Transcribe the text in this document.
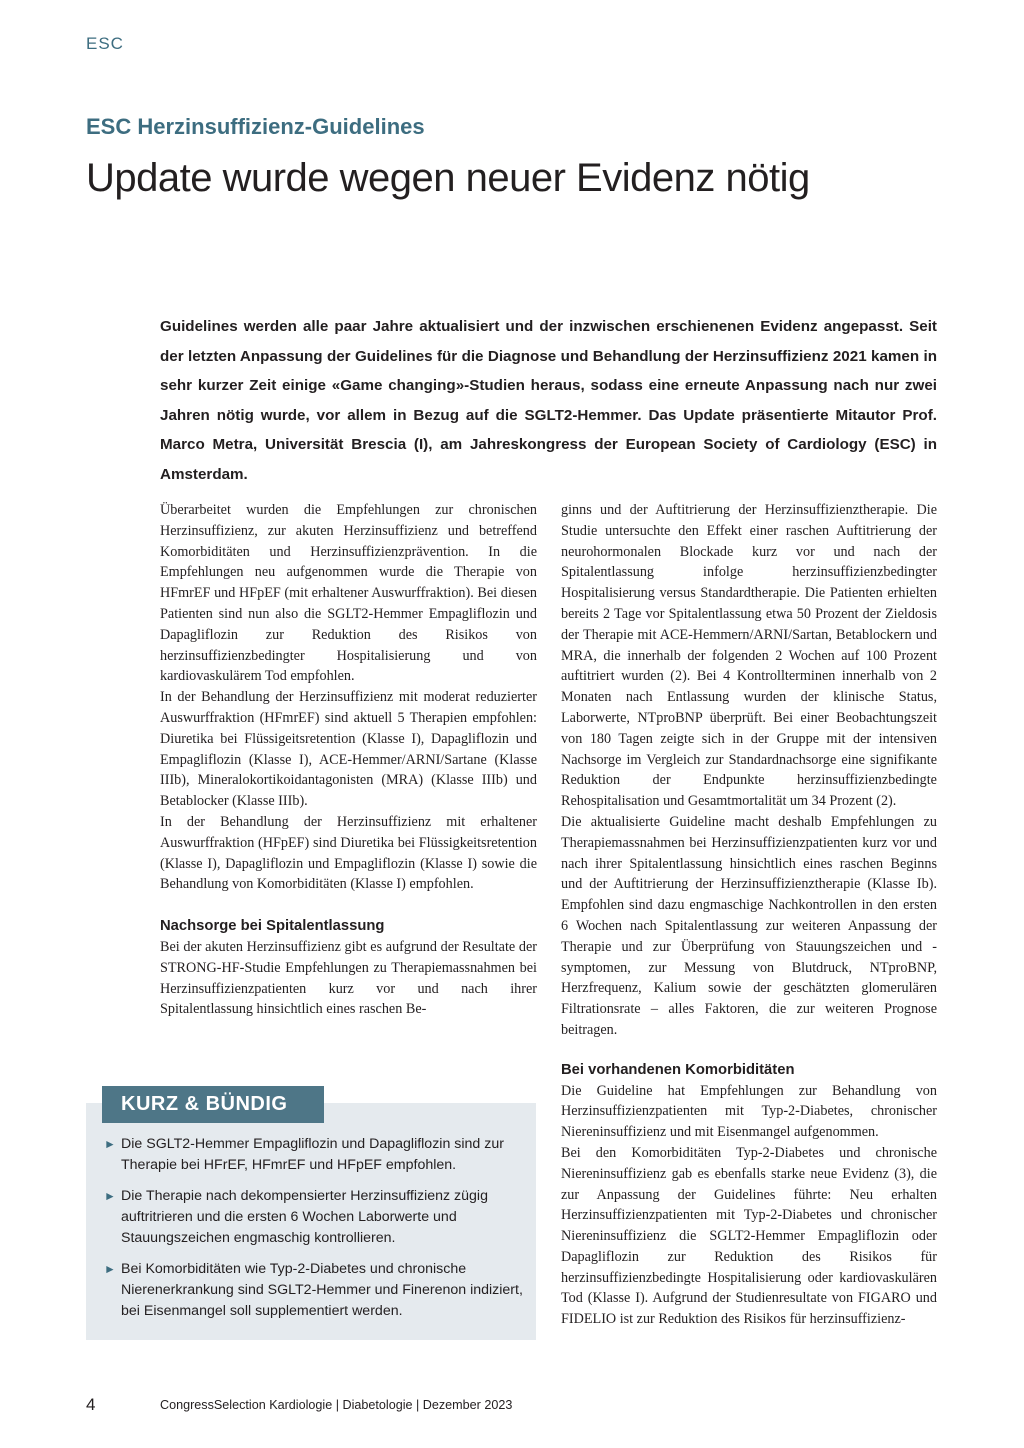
ESC
ESC Herzinsuffizienz-Guidelines
Update wurde wegen neuer Evidenz nötig
Guidelines werden alle paar Jahre aktualisiert und der inzwischen erschienenen Evidenz angepasst. Seit der letzten Anpassung der Guidelines für die Diagnose und Behandlung der Herzinsuffizienz 2021 kamen in sehr kurzer Zeit einige «Game changing»-Studien heraus, sodass eine erneute Anpassung nach nur zwei Jahren nötig wurde, vor allem in Bezug auf die SGLT2-Hemmer. Das Update präsentierte Mitautor Prof. Marco Metra, Universität Brescia (I), am Jahreskongress der European Society of Cardiology (ESC) in Amsterdam.

Überarbeitet wurden die Empfehlungen zur chronischen Herzinsuffizienz, zur akuten Herzinsuffizienz und betreffend Komorbiditäten und Herzinsuffizienzprävention. In die Empfehlungen neu aufgenommen wurde die Therapie von HFmrEF und HFpEF (mit erhaltener Auswurffraktion). Bei diesen Patienten sind nun also die SGLT2-Hemmer Empagliflozin und Dapagliflozin zur Reduktion des Risikos von herzinsuffizienzbedingter Hospitalisierung und von kardiovaskulärem Tod empfohlen.

In der Behandlung der Herzinsuffizienz mit moderat reduzierter Auswurffraktion (HFmrEF) sind aktuell 5 Therapien empfohlen: Diuretika bei Flüssigeitsretention (Klasse I), Dapagliflozin und Empagliflozin (Klasse I), ACE-Hemmer/ARNI/Sartane (Klasse IIIb), Mineralokortikoidantagonisten (MRA) (Klasse IIIb) und Betablocker (Klasse IIIb).

In der Behandlung der Herzinsuffizienz mit erhaltener Auswurffraktion (HFpEF) sind Diuretika bei Flüssigkeitsretention (Klasse I), Dapagliflozin und Empagliflozin (Klasse I) sowie die Behandlung von Komorbiditäten (Klasse I) empfohlen.

Nachsorge bei Spitalentlassung

Bei der akuten Herzinsuffizienz gibt es aufgrund der Resultate der STRONG-HF-Studie Empfehlungen zu Therapiemassnahmen bei Herzinsuffizienzpatienten kurz vor und nach ihrer Spitalentlassung hinsichtlich eines raschen Be-

ginns und der Auftitrierung der Herzinsuffizienztherapie. Die Studie untersuchte den Effekt einer raschen Auftitrierung der neurohormonalen Blockade kurz vor und nach der Spitalentlassung infolge herzinsuffizienzbedingter Hospitalisierung versus Standardtherapie. Die Patienten erhielten bereits 2 Tage vor Spitalentlassung etwa 50 Prozent der Zieldosis der Therapie mit ACE-Hemmern/ARNI/Sartan, Betablockern und MRA, die innerhalb der folgenden 2 Wochen auf 100 Prozent auftitriert wurden (2). Bei 4 Kontrollterminen innerhalb von 2 Monaten nach Entlassung wurden der klinische Status, Laborwerte, NTproBNP überprüft. Bei einer Beobachtungszeit von 180 Tagen zeigte sich in der Gruppe mit der intensiven Nachsorge im Vergleich zur Standardnachsorge eine signifikante Reduktion der Endpunkte herzinsuffizienzbedingte Rehospitalisation und Gesamtmortalität um 34 Prozent (2).

Die aktualisierte Guideline macht deshalb Empfehlungen zu Therapiemassnahmen bei Herzinsuffizienzpatienten kurz vor und nach ihrer Spitalentlassung hinsichtlich eines raschen Beginns und der Auftitrierung der Herzinsuffizienztherapie (Klasse Ib). Empfohlen sind dazu engmaschige Nachkontrollen in den ersten 6 Wochen nach Spitalentlassung zur weiteren Anpassung der Therapie und zur Überprüfung von Stauungszeichen und -symptomen, zur Messung von Blutdruck, NTproBNP, Herzfrequenz, Kalium sowie der geschätzten glomerulären Filtrationsrate – alles Faktoren, die zur weiteren Prognose beitragen.

Bei vorhandenen Komorbiditäten

Die Guideline hat Empfehlungen zur Behandlung von Herzinsuffizienzpatienten mit Typ-2-Diabetes, chronischer Niereninsuffizienz und mit Eisenmangel aufgenommen.

Bei den Komorbiditäten Typ-2-Diabetes und chronische Niereninsuffizienz gab es ebenfalls starke neue Evidenz (3), die zur Anpassung der Guidelines führte: Neu erhalten Herzinsuffizienzpatienten mit Typ-2-Diabetes und chronischer Niereninsuffizienz die SGLT2-Hemmer Empagliflozin oder Dapagliflozin zur Reduktion des Risikos für herzinsuffizienzbedingte Hospitalisierung oder kardiovaskulären Tod (Klasse I). Aufgrund der Studienresultate von FIGARO und FIDELIO ist zur Reduktion des Risikos für herzinsuffizienz-

KURZ & BÜNDIG
► Die SGLT2-Hemmer Empagliflozin und Dapagliflozin sind zur Therapie bei HFrEF, HFmrEF und HFpEF empfohlen.
► Die Therapie nach dekompensierter Herzinsuffizienz zügig auftritrieren und die ersten 6 Wochen Laborwerte und Stauungszeichen engmaschig kontrollieren.
► Bei Komorbiditäten wie Typ-2-Diabetes und chronische Nierenerkrankung sind SGLT2-Hemmer und Finerenon indiziert, bei Eisenmangel soll supplementiert werden.
4	CongressSelection Kardiologie | Diabetologie | Dezember 2023
